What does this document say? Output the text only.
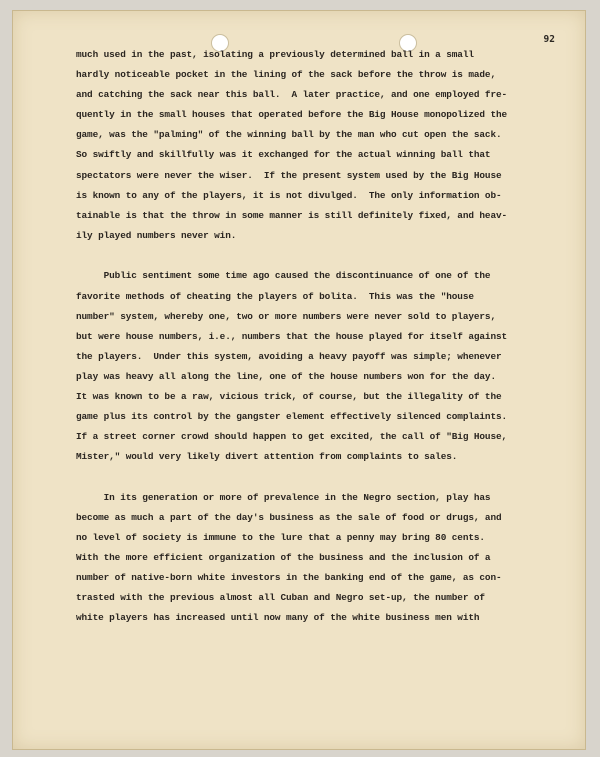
92
much used in the past, isolating a previously determined ball in a small
hardly noticeable pocket in the lining of the sack before the throw is made,
and catching the sack near this ball.  A later practice, and one employed fre-
quently in the small houses that operated before the Big House monopolized the
game, was the "palming" of the winning ball by the man who cut open the sack.
So swiftly and skillfully was it exchanged for the actual winning ball that
spectators were never the wiser.  If the present system used by the Big House
is known to any of the players, it is not divulged.  The only information ob-
tainable is that the throw in some manner is still definitely fixed, and heav-
ily played numbers never win.
Public sentiment some time ago caused the discontinuance of one of the
favorite methods of cheating the players of bolita.  This was the "house
number" system, whereby one, two or more numbers were never sold to players,
but were house numbers, i.e., numbers that the house played for itself against
the players.  Under this system, avoiding a heavy payoff was simple; whenever
play was heavy all along the line, one of the house numbers won for the day.
It was known to be a raw, vicious trick, of course, but the illegality of the
game plus its control by the gangster element effectively silenced complaints.
If a street corner crowd should happen to get excited, the call of "Big House,
Mister," would very likely divert attention from complaints to sales.
In its generation or more of prevalence in the Negro section, play has
become as much a part of the day's business as the sale of food or drugs, and
no level of society is immune to the lure that a penny may bring 80 cents.
With the more efficient organization of the business and the inclusion of a
number of native-born white investors in the banking end of the game, as con-
trasted with the previous almost all Cuban and Negro set-up, the number of
white players has increased until now many of the white business men with
